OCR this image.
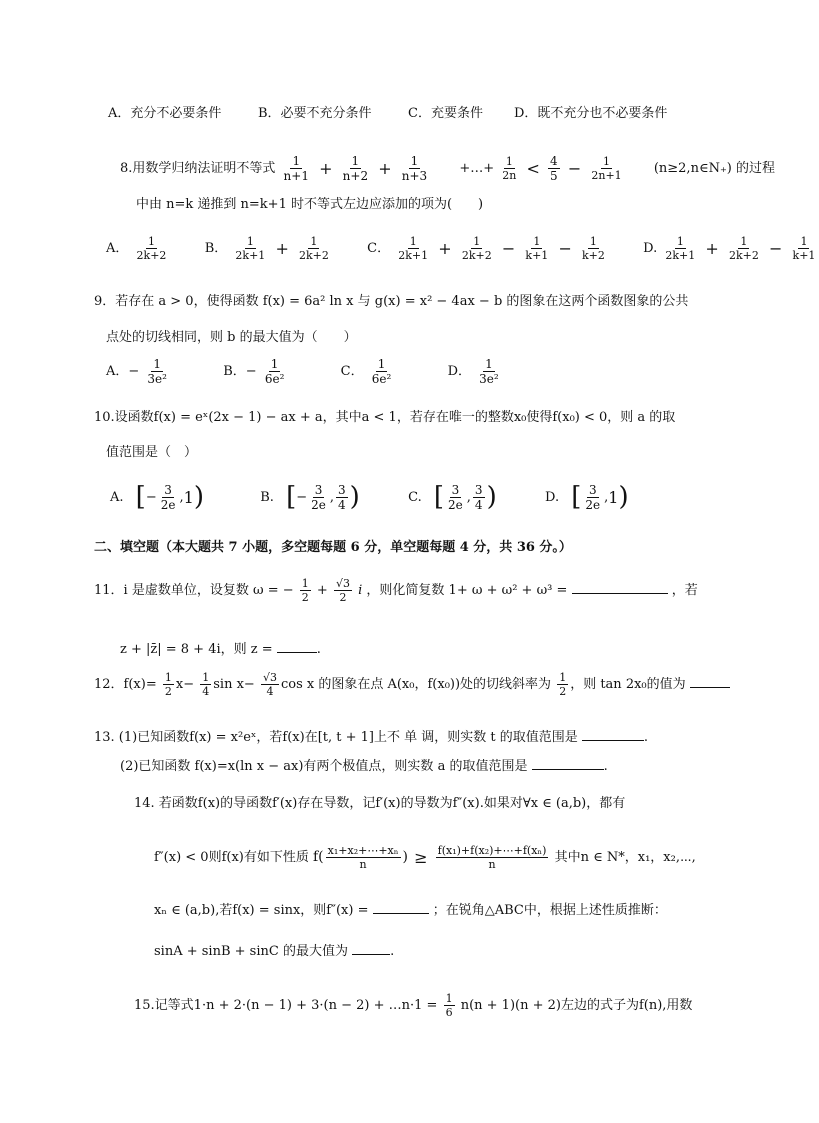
A．充分不必要条件	B．必要不充分条件	C．充要条件 D．既不充分也不必要条件
8.用数学归纳法证明不等式 $\frac{1}{n+1} + \frac{1}{n+2} + \frac{1}{n+3}$ +…+ $\frac{1}{2n} < \frac{4}{5} - \frac{1}{2n+1}$ (n≥2,n∈N₊) 的过程
中由 n=k 递推到 n=k+1 时不等式左边应添加的项为(　　)
A． $\frac{1}{2k+2}$	B． $\frac{1}{2k+1} + \frac{1}{2k+2}$	C． $\frac{1}{2k+1} + \frac{1}{2k+2} - \frac{1}{k+1} - \frac{1}{k+2}$	D. $\frac{1}{2k+1} + \frac{1}{2k+2} - \frac{1}{k+1}$
9．若存在 a > 0，使得函数 f(x) = 6a² ln x 与 g(x) = x² − 4ax − b 的图象在这两个函数图象的公共
点处的切线相同，则 b 的最大值为（　　）
A．− $\frac{1}{\text{3e²}}$	B．− $\frac{1}{\text{6e²}}$	C． $\frac{1}{\text{6e²}}$	D． $\frac{1}{\text{3e²}}$
10.设函数f(x) = eˣ(2x − 1) − ax + a，其中a < 1，若存在唯一的整数x₀使得f(x₀) < 0，则 a 的取
值范围是（　）
A. [− $\frac{3}{2e} ,1$)	B. [− $\frac{3}{2e}$ , $\frac{3}{4}$ )	C. [ $\frac{3}{2e}$ , $\frac{3}{4}$ )	D. [ $\frac{3}{2e} ,1$)
二、填空题（本大题共 7 小题，多空题每题 6 分，单空题每题 4 分，共 36 分。）
11．i 是虚数单位，设复数 ω = − $\frac{1}{2} + \frac{√3}{2}$ i ，则化简复数 1+ ω + ω² + ω³ =	，若
z + |z̄| = 8 + 4i，则 z =	.
12．$f(x)= \frac{1}{2} x- \frac{1}{4}$ $\sin x- \frac{√3}{4}$ cos x 的图象在点 A(x₀，f(x₀))处的切线斜率为 $\frac{1}{2}$ ，则 tan 2x₀的值为
13. (1)已知函数f(x) = x²eˣ，若f(x)在[t, t + 1]上不 单 调，则实数 t 的取值范围是	.
(2)已知函数 f(x)=x(ln x − ax)有两个极值点，则实数 a 的取值范围是	.
14. 若函数f(x)的导函数f′(x)存在导数，记f′(x)的导数为f″(x).如果对∀x ∈ (a,b)，都有
f″(x) < 0则f(x)有如下性质 $f( \frac{\text{x₁+x₂+⋯+xₙ}}{n}$ ) ≥ $\frac{\text{f(x₁)+f(x₂)+⋯+f(xₙ)}}{n}$ 其中n ∈ N*，x₁，x₂,⋯,
xₙ ∈ (a,b),若f(x) = sinx，则f″(x) =	；在锐角△ABC中，根据上述性质推断：
sinA + sinB + sinC 的最大值为	.
15.记等式1·n + 2·(n − 1) + 3·(n − 2) + …n·1 = $\frac{1}{6} n(n + 1)(n + 2)$左边的式子为f(n),用数
